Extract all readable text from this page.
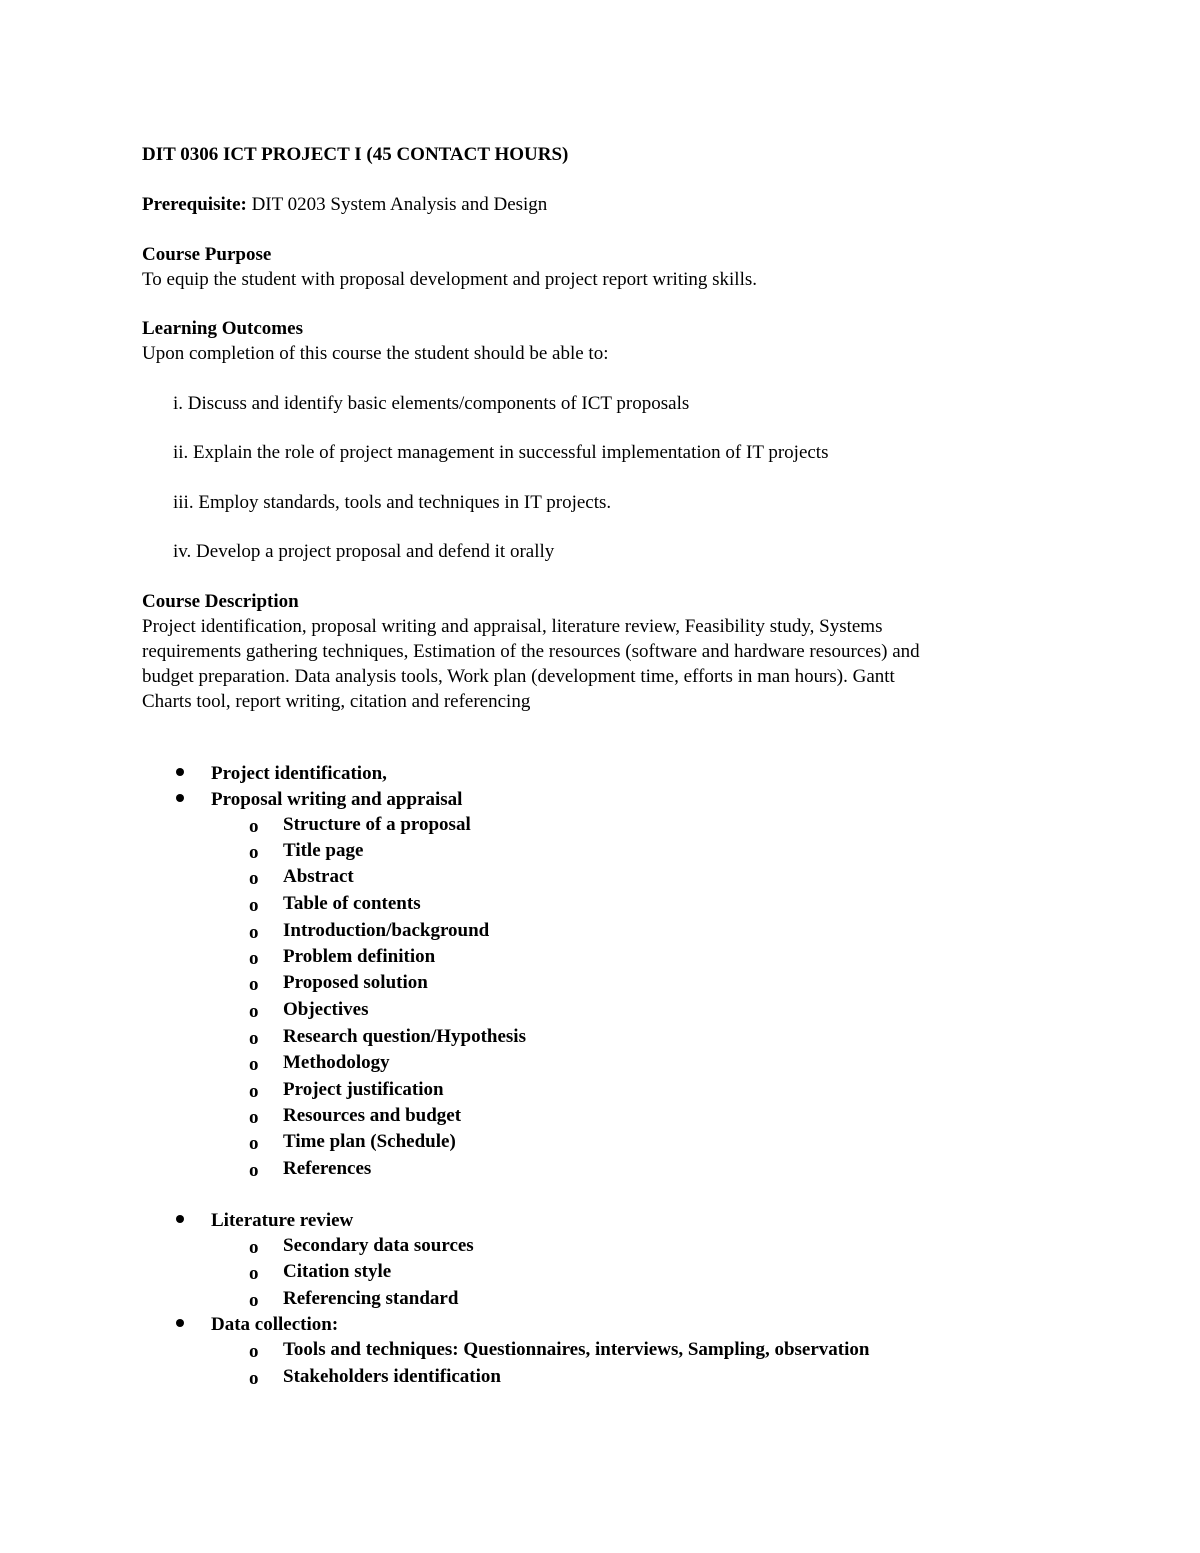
DIT 0306 ICT PROJECT I (45 CONTACT HOURS)
Prerequisite: DIT 0203 System Analysis and Design
Course Purpose
To equip the student with proposal development and project report writing skills.
Learning Outcomes
Upon completion of this course the student should be able to:
i. Discuss and identify basic elements/components of ICT proposals
ii. Explain the role of project management in successful implementation of IT projects
iii. Employ standards, tools and techniques in IT projects.
iv. Develop a project proposal and defend it orally
Course Description
Project identification, proposal writing and appraisal, literature review, Feasibility study, Systems
requirements gathering techniques, Estimation of the resources (software and hardware resources) and
budget preparation. Data analysis tools, Work plan (development time, efforts in man hours). Gantt
Charts tool, report writing, citation and referencing
Project identification,
Proposal writing and appraisal
o Structure of a proposal
o Title page
o Abstract
o Table of contents
o Introduction/background
o Problem definition
o Proposed solution
o Objectives
o Research question/Hypothesis
o Methodology
o Project justification
o Resources and budget
o Time plan (Schedule)
o References
Literature review
o Secondary data sources
o Citation style
o Referencing standard
Data collection:
o Tools and techniques: Questionnaires, interviews, Sampling, observation
o Stakeholders identification
